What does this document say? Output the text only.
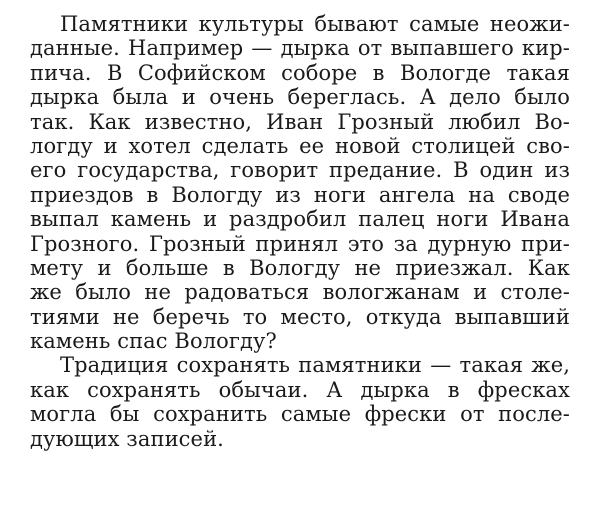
Памятники культуры бывают самые неожи-
данные. Например — дырка от выпавшего кир-
пича. В Софийском соборе в Вологде такая
дырка была и очень береглась. А дело было
так. Как известно, Иван Грозный любил Во-
логду и хотел сделать ее новой столицей сво-
его государства, говорит предание. В один из
приездов в Вологду из ноги ангела на своде
выпал камень и раздробил палец ноги Ивана
Грозного. Грозный принял это за дурную при-
мету и больше в Вологду не приезжал. Как
же было не радоваться вологжанам и столе-
тиями не беречь то место, откуда выпавший
камень спас Вологду?
Традиция сохранять памятники — такая же,
как сохранять обычаи. А дырка в фресках
могла бы сохранить самые фрески от после-
дующих записей.
